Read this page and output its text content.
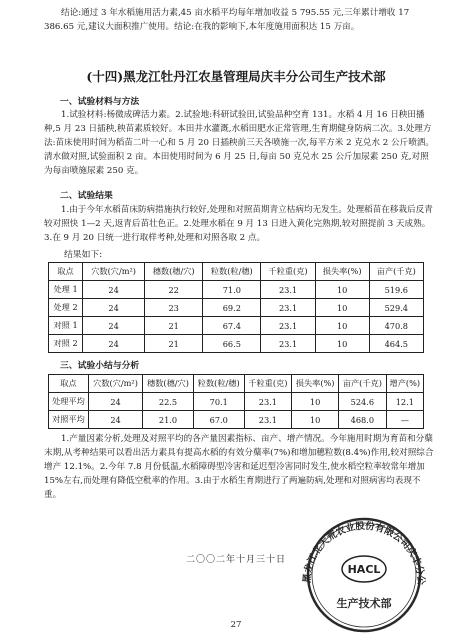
结论:通过 3 年水稻施用活力素,45 亩水稻平均每年增加收益 5 795.55 元,三年累计增收 17 386.65 元,建议大面积推广使用。结论:在我的影响下,本年度施用面积达 15 万亩。
(十四)黑龙江牡丹江农垦管理局庆丰分公司生产技术部
一、试验材料与方法
1.试验材料:杨微成碑活力素。2.试验地:科研试验田,试验品种空育 131。水稻 4 月 16 日秧田播种,5 月 23 日插秧,秧苗素质较好。本田井水灌溉,水稻田肥水正常管理,生育期健身防病二次。3.处理方法:苗床使用时间为稻苗二叶一心和 5 月 20 日插秧前三天各喷施一次,每平方米 2 克兑水 2 公斤喷洒。清水做对照,试验面积 2 亩。本田使用时间为 6 月 25 日,每亩 50 克兑水 25 公斤加尿素 250 克,对照为每亩喷施尿素 250 克。
二、试验结果
1.由于今年水稻苗床防病措施执行较好,处理和对照苗期青立枯病均无发生。处理稻苗在移栽后反青较对照快 1—2 天,返青后苗壮色正。2.处理水稻在 9 月 13 日进入黄化完熟期,较对照提前 3 天成熟。3.在 9 月 20 日统一进行取样考种,处理和对照各取 2 点。
结果如下:
取点	穴数(穴/m²)	穗数(穗/穴)	粒数(粒/穗)	千粒重(克)	损失率(%)	亩产(千克)
处理 1	24	22	71.0	23.1	10	519.6
处理 2	24	23	69.2	23.1	10	529.4
对照 1	24	21	67.4	23.1	10	470.8
对照 2	24	21	66.5	23.1	10	464.5
三、试验小结与分析
取点	穴数(穴/m²)	穗数(穗/穴)	粒数(粒/穗)	千粒重(克)	损失率(%)	亩产(千克)	增产(%)
处理平均	24	22.5	70.1	23.1	10	524.6	12.1
对照平均	24	21.0	67.0	23.1	10	468.0	—
1.产量因素分析,处理及对照平均的各产量因素指标、亩产、增产情况。今年施用时期为育苗和分蘖末期,从考种结果可以看出活力素具有提高水稻的有效分蘖率(7%)和增加穗粒数(8.4%)作用,较对照综合增产 12.1%。2.今年 7.8 月份低温,水稻障碍型冷害和延迟型冷害同时发生,使水稻空粒率较常年增加 15%左右,而处理有降低空秕率的作用。3.由于水稻生育期进行了两遍防病,处理和对照病害均表现不重。
二〇〇二年十月三十日
黑龙江北大荒农业股份有限公司庆丰分公
HACL
生产技术部
27
